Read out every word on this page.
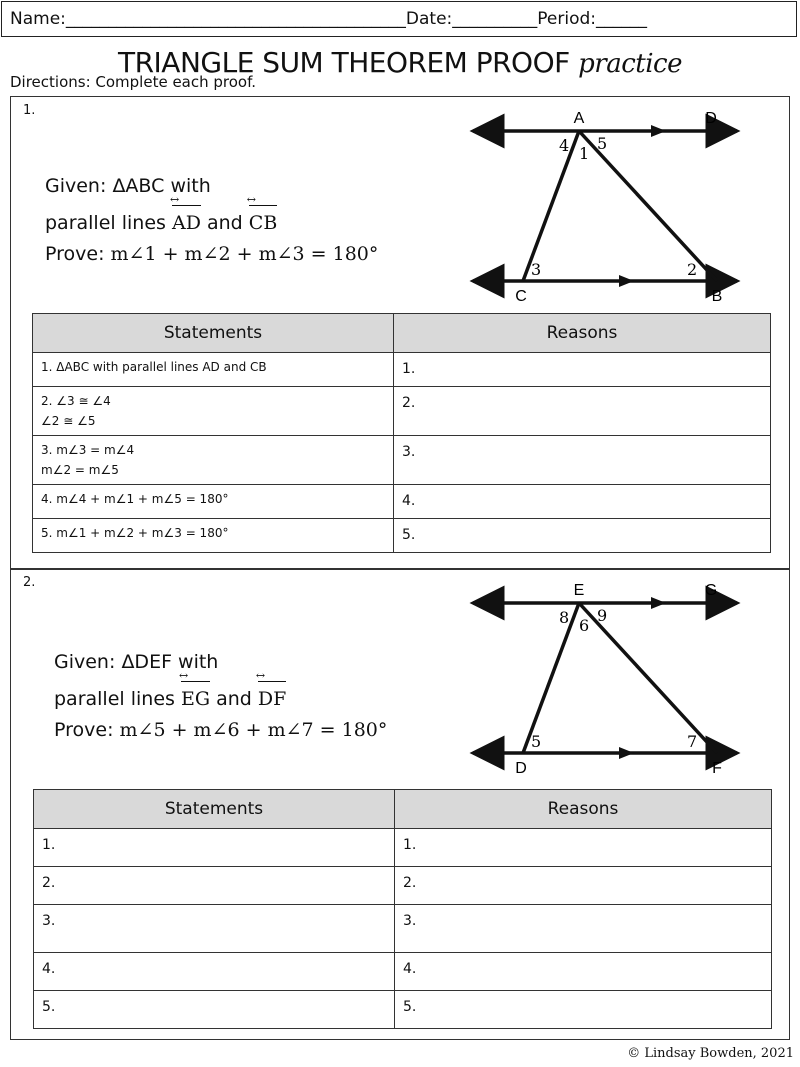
Name: ________________________________________ Date: __________ Period: ______
TRIANGLE SUM THEOREM PROOF practice
Directions: Complete each proof.
1.
Given: ΔABC with
parallel lines AD ↔ and CB ↔
Prove: m∠1 + m∠2 + m∠3 = 180°
A	D
C	B
4 1
5
3	2
Statements	Reasons

1. ΔABC with parallel lines AD and CB	1.

2. ∠3 ≅ ∠4
∠2 ≅ ∠5	2.

3. m∠3 = m∠4
m∠2 = m∠5	3.

4. m∠4 + m∠1 + m∠5 = 180°	4.

5. m∠1 + m∠2 + m∠3 = 180°	5.
2.
Given: ΔDEF with
parallel lines EG ↔ and DF ↔
Prove: m∠5 + m∠6 + m∠7 = 180°
E	G
D	F
8 6
9
5	7
Statements	Reasons
1.	1.
2.	2.
3.	3.
4.	4.
5.	5.
© Lindsay Bowden, 2021
